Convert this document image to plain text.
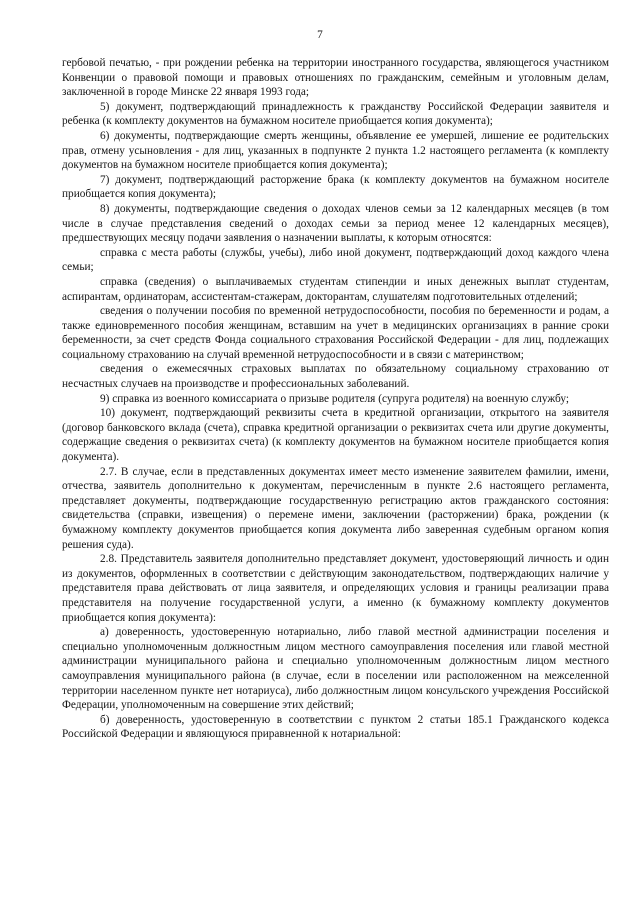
7

гербовой печатью, - при рождении ребенка на территории иностранного государства, являющегося участником Конвенции о правовой помощи и правовых отношениях по гражданским, семейным и уголовным делам, заключенной в городе Минске 22 января 1993 года;

5) документ, подтверждающий принадлежность к гражданству Российской Федерации заявителя и ребенка (к комплекту документов на бумажном носителе приобщается копия документа);

6) документы, подтверждающие смерть женщины, объявление ее умершей, лишение ее родительских прав, отмену усыновления - для лиц, указанных в подпункте 2 пункта 1.2 настоящего регламента (к комплекту документов на бумажном носителе приобщается копия документа);

7) документ, подтверждающий расторжение брака (к комплекту документов на бумажном носителе приобщается копия документа);

8) документы, подтверждающие сведения о доходах членов семьи за 12 календарных месяцев (в том числе в случае представления сведений о доходах семьи за период менее 12 календарных месяцев), предшествующих месяцу подачи заявления о назначении выплаты, к которым относятся:

справка с места работы (службы, учебы), либо иной документ, подтверждающий доход каждого члена семьи;

справка (сведения) о выплачиваемых студентам стипендии и иных денежных выплат студентам, аспирантам, ординаторам, ассистентам-стажерам, докторантам, слушателям подготовительных отделений;

сведения о получении пособия по временной нетрудоспособности, пособия по беременности и родам, а также единовременного пособия женщинам, вставшим на учет в медицинских организациях в ранние сроки беременности, за счет средств Фонда социального страхования Российской Федерации - для лиц, подлежащих социальному страхованию на случай временной нетрудоспособности и в связи с материнством;

сведения о ежемесячных страховых выплатах по обязательному социальному страхованию от несчастных случаев на производстве и профессиональных заболеваний.

9) справка из военного комиссариата о призыве родителя (супруга родителя) на военную службу;

10) документ, подтверждающий реквизиты счета в кредитной организации, открытого на заявителя (договор банковского вклада (счета), справка кредитной организации о реквизитах счета или другие документы, содержащие сведения о реквизитах счета) (к комплекту документов на бумажном носителе приобщается копия документа).

2.7. В случае, если в представленных документах имеет место изменение заявителем фамилии, имени, отчества, заявитель дополнительно к документам, перечисленным в пункте 2.6 настоящего регламента, представляет документы, подтверждающие государственную регистрацию актов гражданского состояния: свидетельства (справки, извещения) о перемене имени, заключении (расторжении) брака, рождении (к бумажному комплекту документов приобщается копия документа либо заверенная судебным органом копия решения суда).

2.8. Представитель заявителя дополнительно представляет документ, удостоверяющий личность и один из документов, оформленных в соответствии с действующим законодательством, подтверждающих наличие у представителя права действовать от лица заявителя, и определяющих условия и границы реализации права представителя на получение государственной услуги, а именно (к бумажному комплекту документов приобщается копия документа):

а) доверенность, удостоверенную нотариально, либо главой местной администрации поселения и специально уполномоченным должностным лицом местного самоуправления поселения или главой местной администрации муниципального района и специально уполномоченным должностным лицом местного самоуправления муниципального района (в случае, если в поселении или расположенном на межселенной территории населенном пункте нет нотариуса), либо должностным лицом консульского учреждения Российской Федерации, уполномоченным на совершение этих действий;

б) доверенность, удостоверенную в соответствии с пунктом 2 статьи 185.1 Гражданского кодекса Российской Федерации и являющуюся приравненной к нотариальной:
